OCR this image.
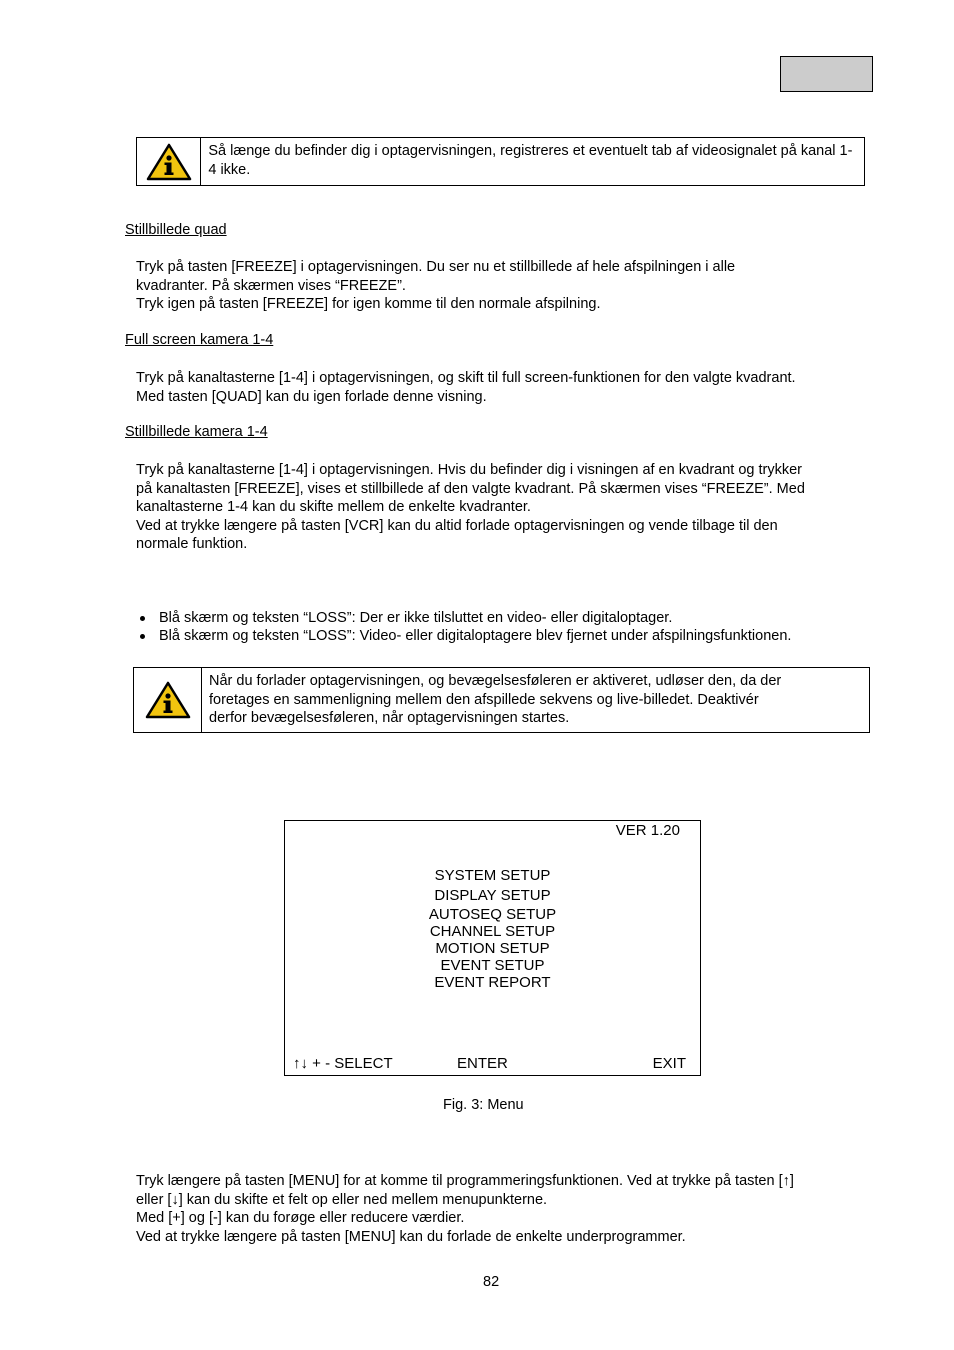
Så længe du befinder dig i optagervisningen, registreres et eventuelt tab af videosignalet på kanal 1-4 ikke.
Stillbillede quad
Tryk på tasten [FREEZE] i optagervisningen. Du ser nu et stillbillede af hele afspilningen i alle
kvadranter. På skærmen vises “FREEZE”.
Tryk igen på tasten [FREEZE] for igen komme til den normale afspilning.
Full screen kamera 1-4
Tryk på kanaltasterne [1-4] i optagervisningen, og skift til full screen-funktionen for den valgte kvadrant.
Med tasten [QUAD] kan du igen forlade denne visning.
Stillbillede kamera 1-4
Tryk på kanaltasterne [1-4] i optagervisningen. Hvis du befinder dig i visningen af en kvadrant og trykker
på kanaltasten [FREEZE], vises et stillbillede af den valgte kvadrant. På skærmen vises “FREEZE”. Med
kanaltasterne 1-4 kan du skifte mellem de enkelte kvadranter.
Ved at trykke længere på tasten [VCR] kan du altid forlade optagervisningen og vende tilbage til den
normale funktion.
Blå skærm og teksten “LOSS”: Der er ikke tilsluttet en video- eller digitaloptager.
Blå skærm og teksten “LOSS”: Video- eller digitaloptagere blev fjernet under afspilningsfunktionen.
Når du forlader optagervisningen, og bevægelsesføleren er aktiveret, udløser den, da der
foretages en sammenligning mellem den afspillede sekvens og live-billedet. Deaktivér
derfor bevægelsesføleren, når optagervisningen startes.
VER 1.20
SYSTEM SETUP
DISPLAY SETUP
AUTOSEQ SETUP
CHANNEL SETUP
MOTION SETUP
EVENT SETUP
EVENT REPORT
↑↓ + - SELECT	ENTER	EXIT
Fig. 3: Menu
Tryk længere på tasten [MENU] for at komme til programmeringsfunktionen. Ved at trykke på tasten [↑]
eller [↓] kan du skifte et felt op eller ned mellem menupunkterne.
Med [+] og [-] kan du forøge eller reducere værdier.
Ved at trykke længere på tasten [MENU] kan du forlade de enkelte underprogrammer.
82
